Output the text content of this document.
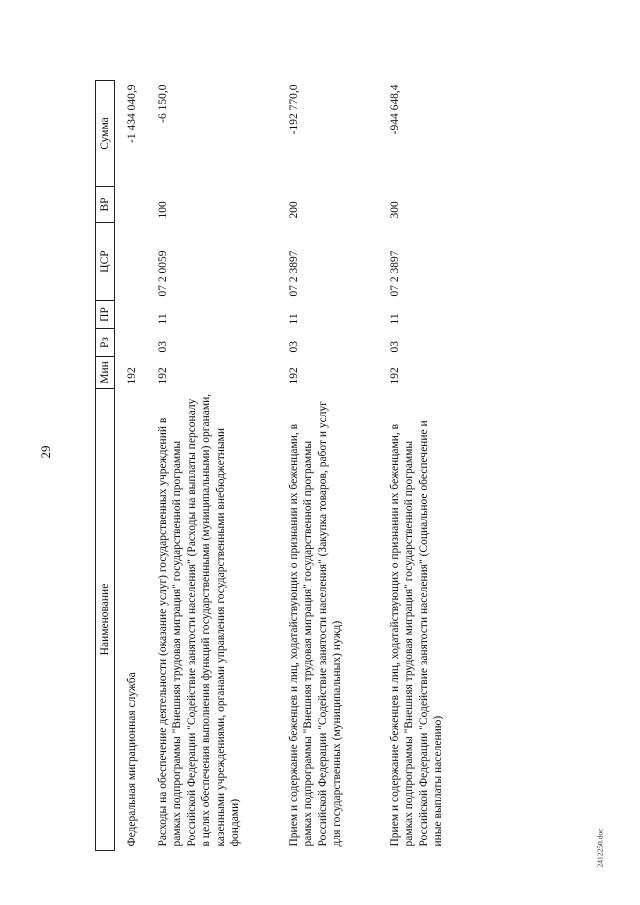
29
Наименование	Мин	Рз	ПР	ЦСР	ВР	Сумма
Федеральная миграционная служба	192					-1 434 040,9
Расходы на обеспечение деятельности (оказание услуг) государственных учреждений в рамках подпрограммы "Внешняя трудовая миграция" государственной программы Российской Федерации "Содействие занятости населения" (Расходы на выплаты персоналу в целях обеспечения выполнения функций государственными (муниципальными) органами, казенными учреждениями, органами управления государственными внебюджетными фондами)	192	03	11	07 2 0059	100	-6 150,0
Прием и содержание беженцев и лиц, ходатайствующих о признании их беженцами, в рамках подпрограммы "Внешняя трудовая миграция" государственной программы Российской Федерации "Содействие занятости населения" (Закупка товаров, работ и услуг для государственных (муниципальных) нужд)	192	03	11	07 2 3897	200	-192 770,0
Прием и содержание беженцев и лиц, ходатайствующих о признании их беженцами, в рамках подпрограммы "Внешняя трудовая миграция" государственной программы Российской Федерации "Содействие занятости населения" (Социальное обеспечение и иные выплаты населению)	192	03	11	07 2 3897	300	-944 648,4
2412250.doc
